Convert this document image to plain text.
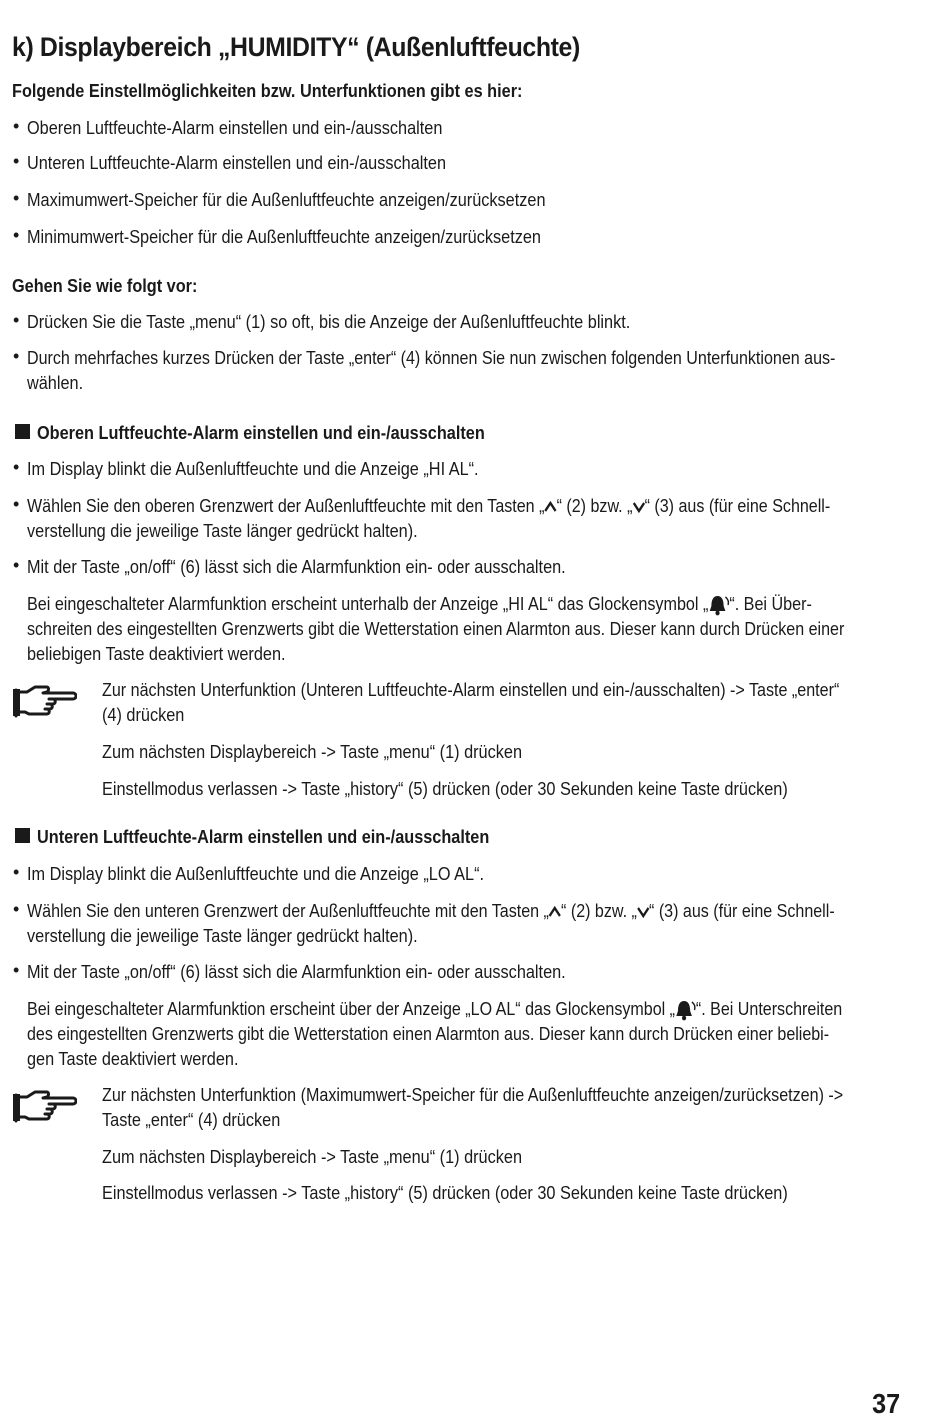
k) Displaybereich „HUMIDITY“ (Außenluftfeuchte)
Folgende Einstellmöglichkeiten bzw. Unterfunktionen gibt es hier:
• Oberen Luftfeuchte-Alarm einstellen und ein-/ausschalten
• Unteren Luftfeuchte-Alarm einstellen und ein-/ausschalten
• Maximumwert-Speicher für die Außenluftfeuchte anzeigen/zurücksetzen
• Minimumwert-Speicher für die Außenluftfeuchte anzeigen/zurücksetzen
Gehen Sie wie folgt vor:
• Drücken Sie die Taste „menu“ (1) so oft, bis die Anzeige der Außenluftfeuchte blinkt.
• Durch mehrfaches kurzes Drücken der Taste „enter“ (4) können Sie nun zwischen folgenden Unterfunktionen aus-
wählen.
Oberen Luftfeuchte-Alarm einstellen und ein-/ausschalten
• Im Display blinkt die Außenluftfeuchte und die Anzeige „HI AL“.
• Wählen Sie den oberen Grenzwert der Außenluftfeuchte mit den Tasten „ “ (2) bzw. „ “ (3) aus (für eine Schnell-
verstellung die jeweilige Taste länger gedrückt halten).
• Mit der Taste „on/off“ (6) lässt sich die Alarmfunktion ein- oder ausschalten.
Bei eingeschalteter Alarmfunktion erscheint unterhalb der Anzeige „HI AL“ das Glockensymbol „ “. Bei Über-
schreiten des eingestellten Grenzwerts gibt die Wetterstation einen Alarmton aus. Dieser kann durch Drücken einer
beliebigen Taste deaktiviert werden.
Zur nächsten Unterfunktion (Unteren Luftfeuchte-Alarm einstellen und ein-/ausschalten) -> Taste „enter“
(4) drücken
Zum nächsten Displaybereich -> Taste „menu“ (1) drücken
Einstellmodus verlassen -> Taste „history“ (5) drücken (oder 30 Sekunden keine Taste drücken)
Unteren Luftfeuchte-Alarm einstellen und ein-/ausschalten
• Im Display blinkt die Außenluftfeuchte und die Anzeige „LO AL“.
• Wählen Sie den unteren Grenzwert der Außenluftfeuchte mit den Tasten „ “ (2) bzw. „ “ (3) aus (für eine Schnell-
verstellung die jeweilige Taste länger gedrückt halten).
• Mit der Taste „on/off“ (6) lässt sich die Alarmfunktion ein- oder ausschalten.
Bei eingeschalteter Alarmfunktion erscheint über der Anzeige „LO AL“ das Glockensymbol „ “. Bei Unterschreiten
des eingestellten Grenzwerts gibt die Wetterstation einen Alarmton aus. Dieser kann durch Drücken einer beliebi-
gen Taste deaktiviert werden.
Zur nächsten Unterfunktion (Maximumwert-Speicher für die Außenluftfeuchte anzeigen/zurücksetzen) ->
Taste „enter“ (4) drücken
Zum nächsten Displaybereich -> Taste „menu“ (1) drücken
Einstellmodus verlassen -> Taste „history“ (5) drücken (oder 30 Sekunden keine Taste drücken)
37
